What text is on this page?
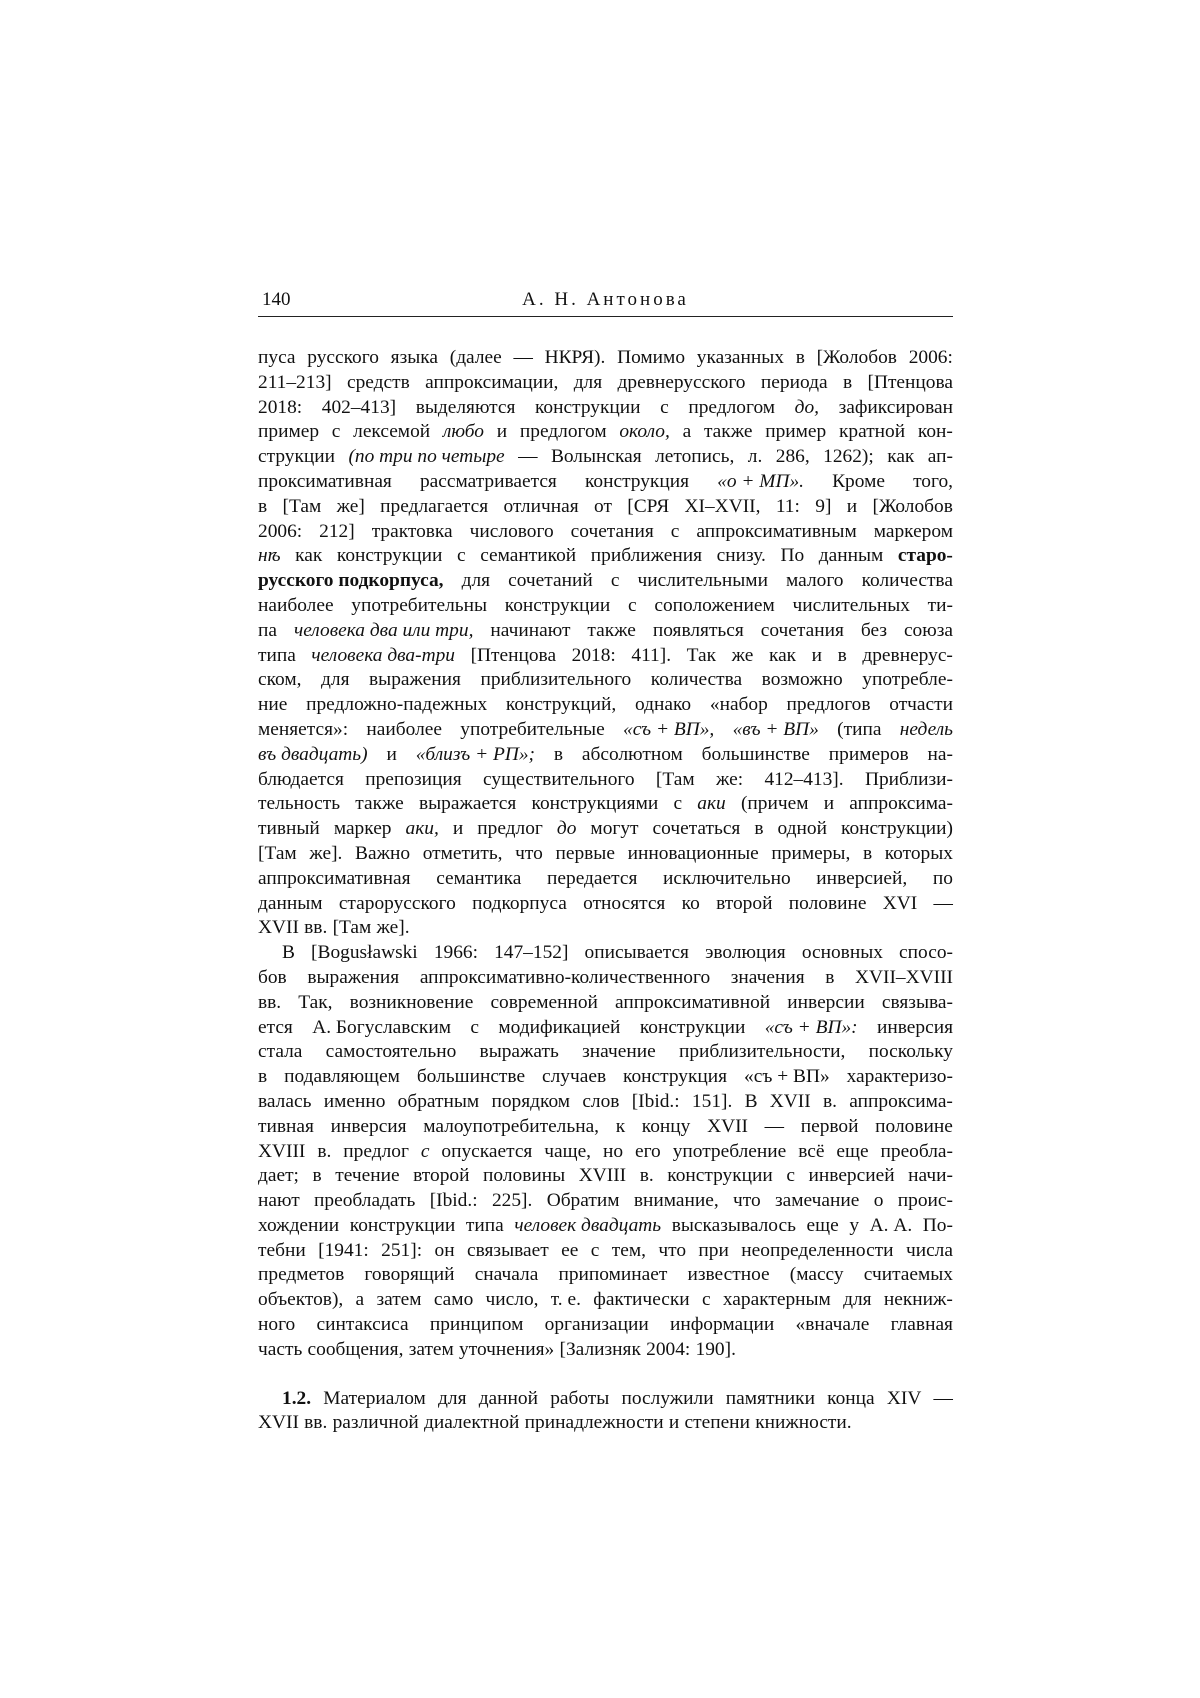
140	А. Н. Антонова
пуса русского языка (далее — НКРЯ). Помимо указанных в [Жолобов 2006:
211–213] средств аппроксимации, для древнерусского периода в [Птенцова
2018: 402–413] выделяются конструкции с предлогом до, зафиксирован
пример с лексемой любо и предлогом около, а также пример кратной кон-
струкции (по три по четыре — Волынская летопись, л. 286, 1262); как ап-
проксимативная рассматривается конструкция «о + МП». Кроме того,
в [Там же] предлагается отличная от [СРЯ XI–XVII, 11: 9] и [Жолобов
2006: 212] трактовка числового сочетания с аппроксимативным маркером
нѣ как конструкции с семантикой приближения снизу. По данным старо-
русского подкорпуса, для сочетаний с числительными малого количества
наиболее употребительны конструкции с соположением числительных ти-
па человека два или три, начинают также появляться сочетания без союза
типа человека два-три [Птенцова 2018: 411]. Так же как и в древнерус-
ском, для выражения приблизительного количества возможно употребле-
ние предложно-падежных конструкций, однако «набор предлогов отчасти
меняется»: наиболее употребительные «съ + ВП», «въ + ВП» (типа недель
въ двадцать) и «близъ + РП»; в абсолютном большинстве примеров на-
блюдается препозиция существительного [Там же: 412–413]. Приблизи-
тельность также выражается конструкциями с аки (причем и аппроксима-
тивный маркер аки, и предлог до могут сочетаться в одной конструкции)
[Там же]. Важно отметить, что первые инновационные примеры, в которых
аппроксимативная семантика передается исключительно инверсией, по
данным старорусского подкорпуса относятся ко второй половине XVI —
XVII вв. [Там же].
В [Bogusławski 1966: 147–152] описывается эволюция основных спосо-
бов выражения аппроксимативно-количественного значения в XVII–XVIII
вв. Так, возникновение современной аппроксимативной инверсии связыва-
ется А. Богуславским с модификацией конструкции «съ + ВП»: инверсия
стала самостоятельно выражать значение приблизительности, поскольку
в подавляющем большинстве случаев конструкция «съ + ВП» характеризо-
валась именно обратным порядком слов [Ibid.: 151]. В XVII в. аппроксима-
тивная инверсия малоупотребительна, к концу XVII — первой половине
XVIII в. предлог с опускается чаще, но его употребление всё еще преобла-
дает; в течение второй половины XVIII в. конструкции с инверсией начи-
нают преобладать [Ibid.: 225]. Обратим внимание, что замечание о проис-
хождении конструкции типа человек двадцать высказывалось еще у А. А. По-
тебни [1941: 251]: он связывает ее с тем, что при неопределенности числа
предметов говорящий сначала припоминает известное (массу считаемых
объектов), а затем само число, т. е. фактически с характерным для некниж-
ного синтаксиса принципом организации информации «вначале главная
часть сообщения, затем уточнения» [Зализняк 2004: 190].
1.2. Материалом для данной работы послужили памятники конца XIV —
XVII вв. различной диалектной принадлежности и степени книжности.
